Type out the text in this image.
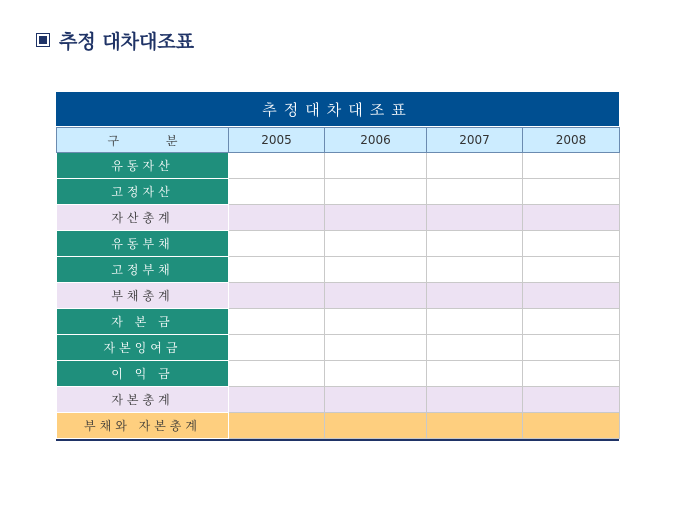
추정 대차대조표
추정대차대조표
구 분	2005	2006	2007	2008
유동자산				
고정자산				
자산총계				
유동부채				
고정부채				
부채총계				
자 본 금				
자본잉여금				
이 익 금				
자본총계				
부채와 자본총계				
